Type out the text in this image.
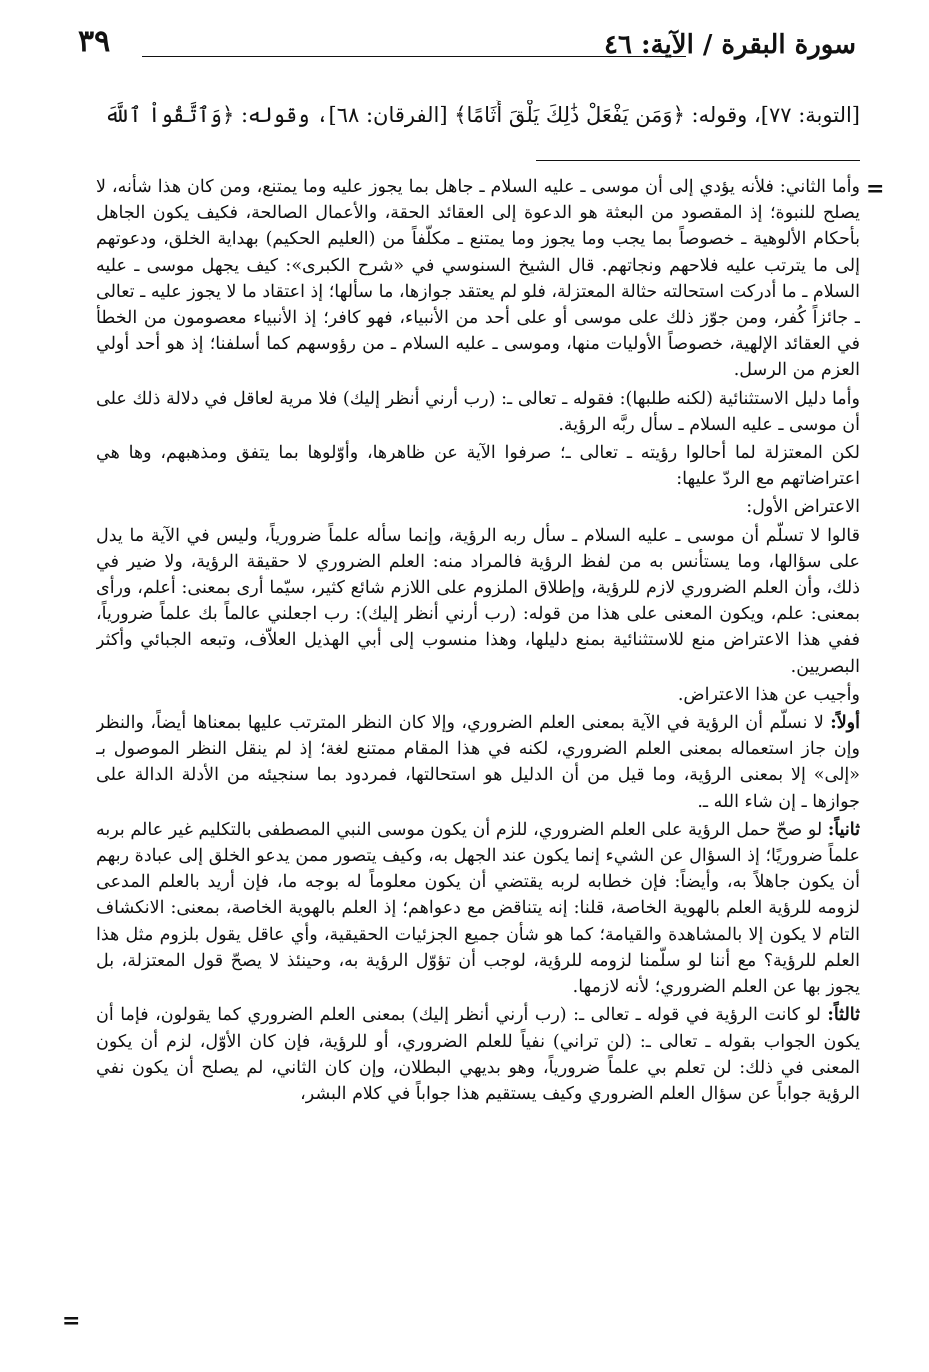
سورة البقرة / الآية: ٤٦
٣٩
[التوبة: ٧٧]، وقوله: ﴿وَمَن يَفْعَلْ ذَٰلِكَ يَلْقَ أَثَامًا﴾ [الفرقان: ٦٨]، وقوله: ﴿وَٱتَّقُواْ ٱللَّهَ
=

وأما الثاني: فلأنه يؤدي إلى أن موسى ـ عليه السلام ـ جاهل بما يجوز عليه وما يمتنع، ومن كان هذا شأنه، لا يصلح للنبوة؛ إذ المقصود من البعثة هو الدعوة إلى العقائد الحقة، والأعمال الصالحة، فكيف يكون الجاهل بأحكام الألوهية ـ خصوصاً بما يجب وما يجوز وما يمتنع ـ مكلّفاً من (العليم الحكيم) بهداية الخلق، ودعوتهم إلى ما يترتب عليه فلاحهم ونجاتهم. قال الشيخ السنوسي في «شرح الكبرى»: كيف يجهل موسى ـ عليه السلام ـ ما أدركت استحالته حثالة المعتزلة، فلو لم يعتقد جوازها، ما سألها؛ إذ اعتقاد ما لا يجوز عليه ـ تعالى ـ جائزاً كُفر، ومن جوّز ذلك على موسى أو على أحد من الأنبياء، فهو كافر؛ إذ الأنبياء معصومون من الخطأ في العقائد الإلهية، خصوصاً الأوليات منها، وموسى ـ عليه السلام ـ من رؤوسهم كما أسلفنا؛ إذ هو أحد أولي العزم من الرسل.

وأما دليل الاستثنائية (لكنه طلبها): فقوله ـ تعالى ـ: (رب أرني أنظر إليك) فلا مرية لعاقل في دلالة ذلك على أن موسى ـ عليه السلام ـ سأل ربَّه الرؤية.

لكن المعتزلة لما أحالوا رؤيته ـ تعالى ـ؛ صرفوا الآية عن ظاهرها، وأوّلوها بما يتفق ومذهبهم، وها هي اعتراضاتهم مع الردّ عليها:

الاعتراض الأول:

قالوا لا تسلّم أن موسى ـ عليه السلام ـ سأل ربه الرؤية، وإنما سأله علماً ضرورياً، وليس في الآية ما يدل على سؤالها، وما يستأنس به من لفظ الرؤية فالمراد منه: العلم الضروري لا حقيقة الرؤية، ولا ضير في ذلك، وأن العلم الضروري لازم للرؤية، وإطلاق الملزوم على اللازم شائع كثير، سيّما أرى بمعنى: أعلم، ورأى بمعنى: علم، ويكون المعنى على هذا من قوله: (رب أرني أنظر إليك): رب اجعلني عالماً بك علماً ضرورياً، ففي هذا الاعتراض منع للاستثنائية بمنع دليلها، وهذا منسوب إلى أبي الهذيل العلاّف، وتبعه الجبائي وأكثر البصريين.

وأجيب عن هذا الاعتراض.

أولاً: لا نسلّم أن الرؤية في الآية بمعنى العلم الضروري، وإلا كان النظر المترتب عليها بمعناها أيضاً، والنظر وإن جاز استعماله بمعنى العلم الضروري، لكنه في هذا المقام ممتنع لغة؛ إذ لم ينقل النظر الموصول بـ «إلى» إلا بمعنى الرؤية، وما قيل من أن الدليل هو استحالتها، فمردود بما سنجيئه من الأدلة الدالة على جوازها ـ إن شاء الله ـ.

ثانياً: لو صحّ حمل الرؤية على العلم الضروري، للزم أن يكون موسى النبي المصطفى بالتكليم غير عالم بربه علماً ضروريًا؛ إذ السؤال عن الشيء إنما يكون عند الجهل به، وكيف يتصور ممن يدعو الخلق إلى عبادة ربهم أن يكون جاهلاً به، وأيضاً: فإن خطابه لربه يقتضي أن يكون معلوماً له بوجه ما، فإن أريد بالعلم المدعى لزومه للرؤية العلم بالهوية الخاصة، قلنا: إنه يتناقض مع دعواهم؛ إذ العلم بالهوية الخاصة، بمعنى: الانكشاف التام لا يكون إلا بالمشاهدة والقيامة؛ كما هو شأن جميع الجزئيات الحقيقية، وأي عاقل يقول بلزوم مثل هذا العلم للرؤية؟ مع أننا لو سلّمنا لزومه للرؤية، لوجب أن تؤوّل الرؤية به، وحينئذ لا يصحّ قول المعتزلة، بل يجوز بها عن العلم الضروري؛ لأنه لازمها.

ثالثاً: لو كانت الرؤية في قوله ـ تعالى ـ: (رب أرني أنظر إليك) بمعنى العلم الضروري كما يقولون، فإما أن يكون الجواب بقوله ـ تعالى ـ: (لن تراني) نفياً للعلم الضروري، أو للرؤية، فإن كان الأوّل، لزم أن يكون المعنى في ذلك: لن تعلم بي علماً ضرورياً، وهو بديهي البطلان، وإن كان الثاني، لم يصلح أن يكون نفي الرؤية جواباً عن سؤال العلم الضروري وكيف يستقيم هذا جواباً في كلام البشر،

=
